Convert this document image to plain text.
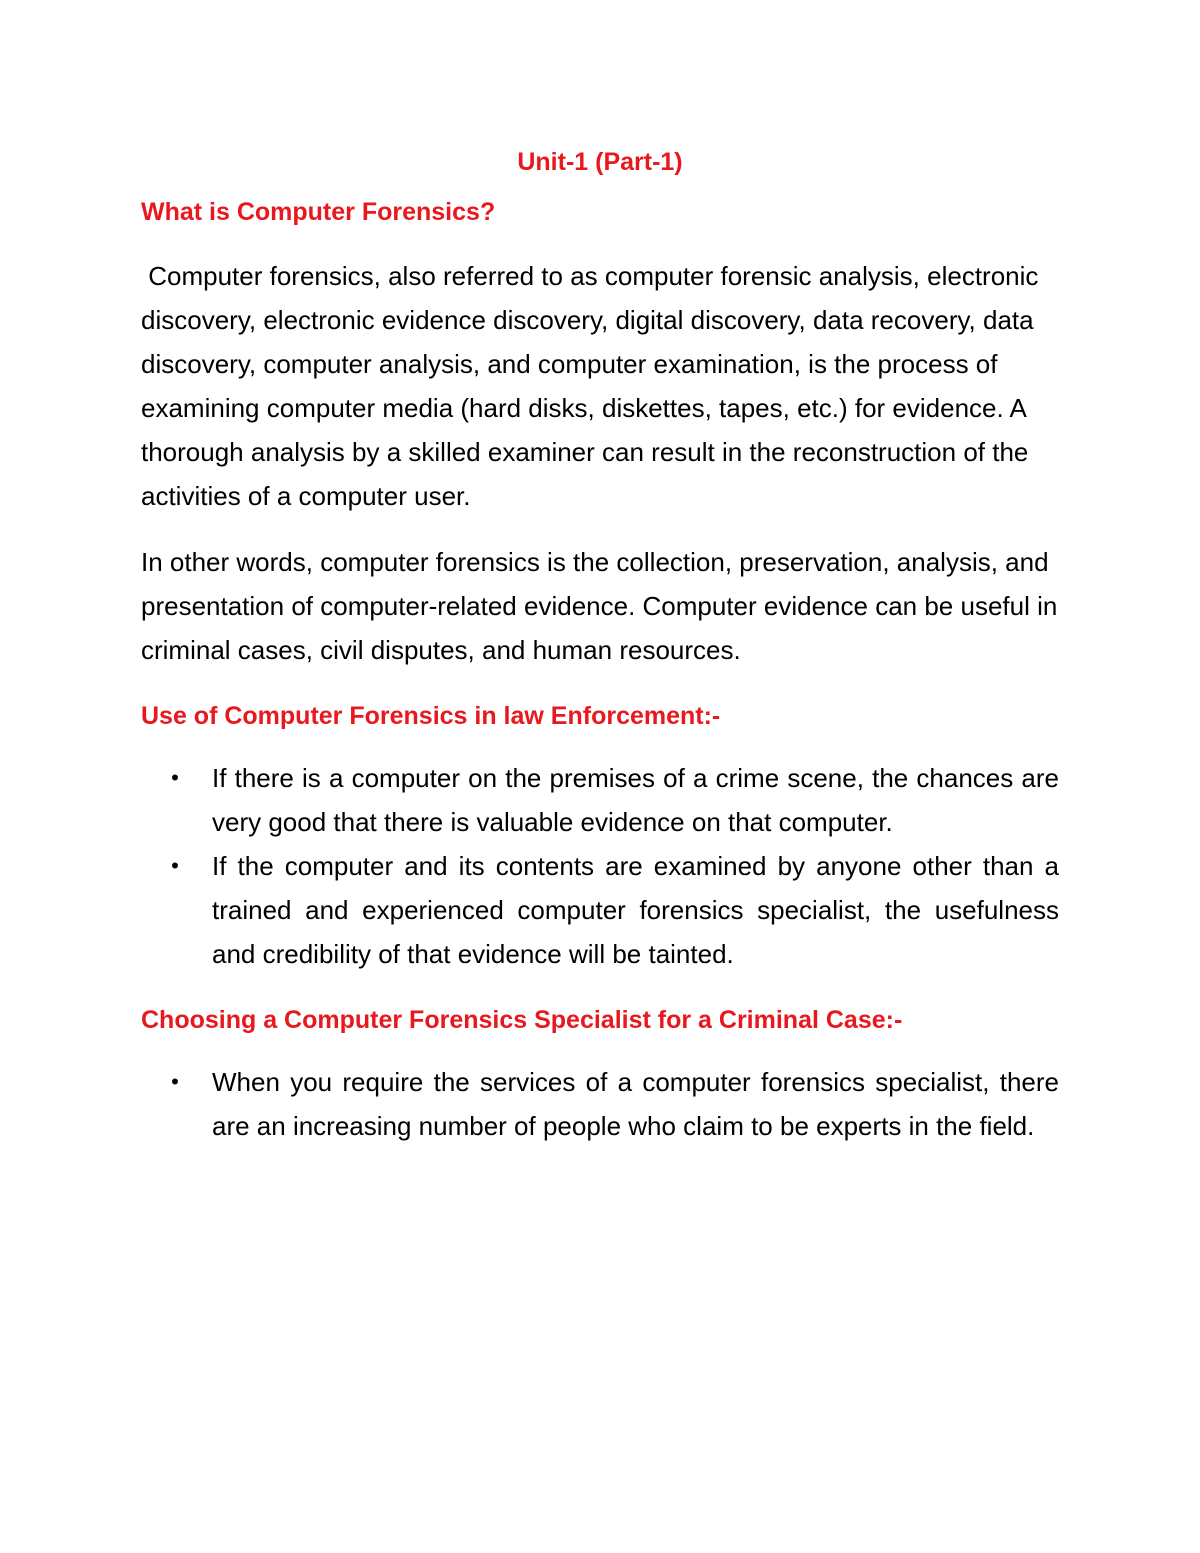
Unit-1 (Part-1)
What is Computer Forensics?

Computer forensics, also referred to as computer forensic analysis, electronic discovery, electronic evidence discovery, digital discovery, data recovery, data discovery, computer analysis, and computer examination, is the process of examining computer media (hard disks, diskettes, tapes, etc.) for evidence. A thorough analysis by a skilled examiner can result in the reconstruction of the activities of a computer user.

In other words, computer forensics is the collection, preservation, analysis, and presentation of computer-related evidence. Computer evidence can be useful in criminal cases, civil disputes, and human resources.

Use of Computer Forensics in law Enforcement:-
• If there is a computer on the premises of a crime scene, the chances are very good that there is valuable evidence on that computer.
• If the computer and its contents are examined by anyone other than a trained and experienced computer forensics specialist, the usefulness and credibility of that evidence will be tainted.
Choosing a Computer Forensics Specialist for a Criminal Case:-
• When you require the services of a computer forensics specialist, there are an increasing number of people who claim to be experts in the field.
